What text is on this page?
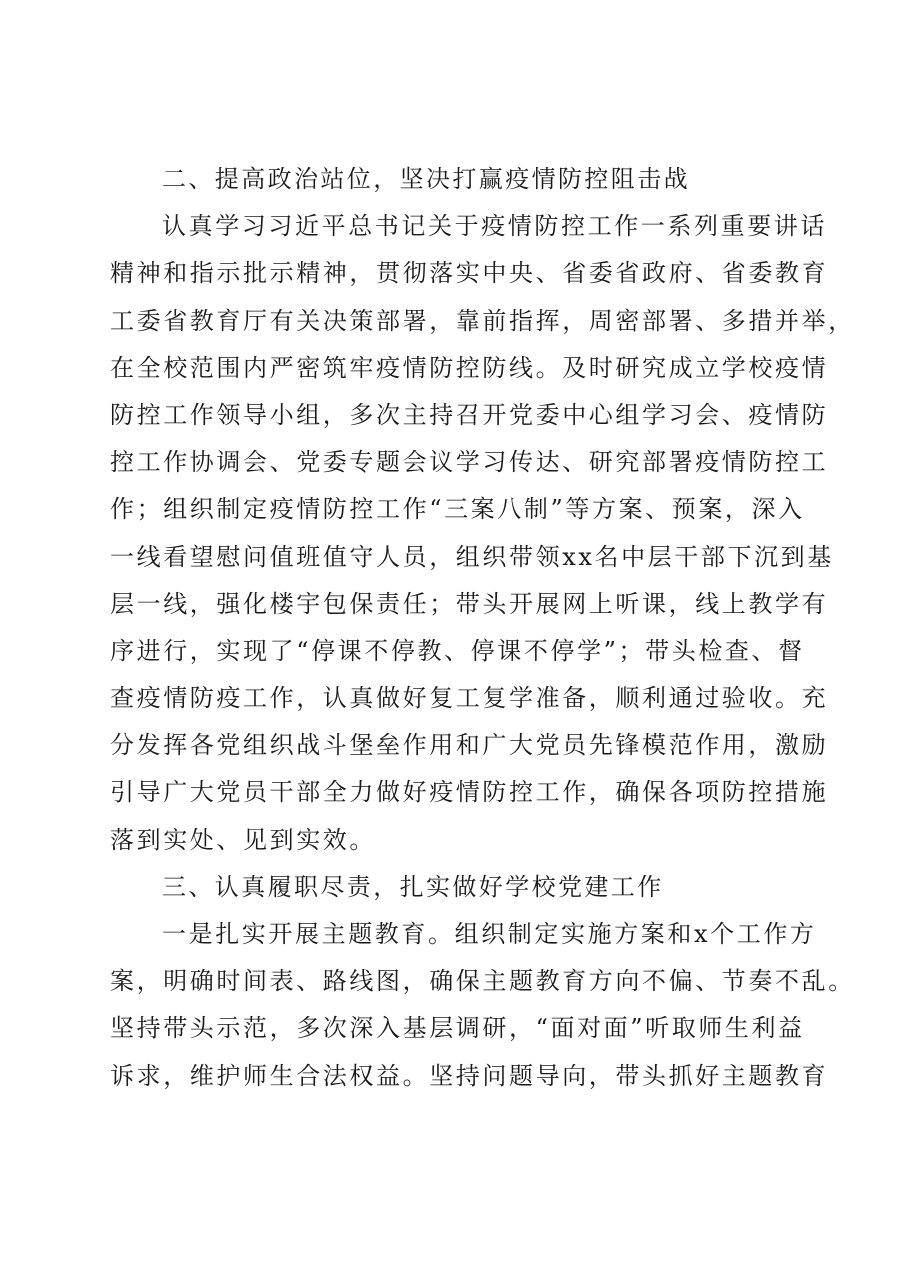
二、提高政治站位，坚决打赢疫情防控阻击战
认真学习习近平总书记关于疫情防控工作一系列重要讲话
精神和指示批示精神，贯彻落实中央、省委省政府、省委教育
工委省教育厅有关决策部署，靠前指挥，周密部署、多措并举，
在全校范围内严密筑牢疫情防控防线。及时研究成立学校疫情
防控工作领导小组，多次主持召开党委中心组学习会、疫情防
控工作协调会、党委专题会议学习传达、研究部署疫情防控工
作；组织制定疫情防控工作“三案八制”等方案、预案，深入
一线看望慰问值班值守人员，组织带领xx名中层干部下沉到基
层一线，强化楼宇包保责任；带头开展网上听课，线上教学有
序进行，实现了“停课不停教、停课不停学”；带头检查、督
查疫情防疫工作，认真做好复工复学准备，顺利通过验收。充
分发挥各党组织战斗堡垒作用和广大党员先锋模范作用，激励
引导广大党员干部全力做好疫情防控工作，确保各项防控措施
落到实处、见到实效。
三、认真履职尽责，扎实做好学校党建工作
一是扎实开展主题教育。组织制定实施方案和x个工作方
案，明确时间表、路线图，确保主题教育方向不偏、节奏不乱。
坚持带头示范，多次深入基层调研，“面对面”听取师生利益
诉求，维护师生合法权益。坚持问题导向，带头抓好主题教育
